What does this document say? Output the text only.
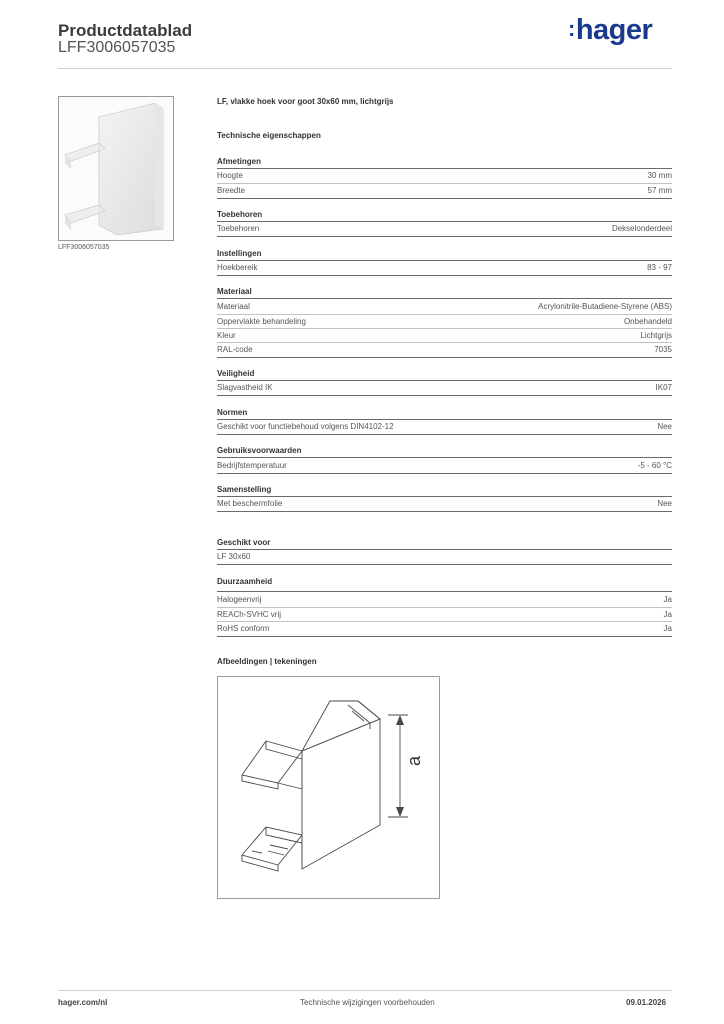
Productdatablad
LFF3006057035
:hager
LFF3006057035
LF, vlakke hoek voor goot 30x60 mm, lichtgrijs
Technische eigenschappen
Afmetingen
Hoogte	30 mm
Breedte	57 mm
Toebehoren
Toebehoren	Dekselonderdeel
Instellingen
Hoekbereik	83 - 97
Materiaal
Materiaal	Acrylonitrile-Butadiene-Styrene (ABS)
Oppervlakte behandeling	Onbehandeld
Kleur	Lichtgrijs
RAL-code	7035
Veiligheid
Slagvastheid IK	IK07
Normen
Geschikt voor functiebehoud volgens DIN4102-12	Nee
Gebruiksvoorwaarden
Bedrijfstemperatuur	-5 - 60 °C
Samenstelling
Met beschermfolie	Nee
Geschikt voor
LF 30x60
Duurzaamheid
Halogeenvrij	Ja
REACh-SVHC vrij	Ja
RoHS conform	Ja
Afbeeldingen | tekeningen
a
hager.com/nl	Technische wijzigingen voorbehouden	09.01.2026
